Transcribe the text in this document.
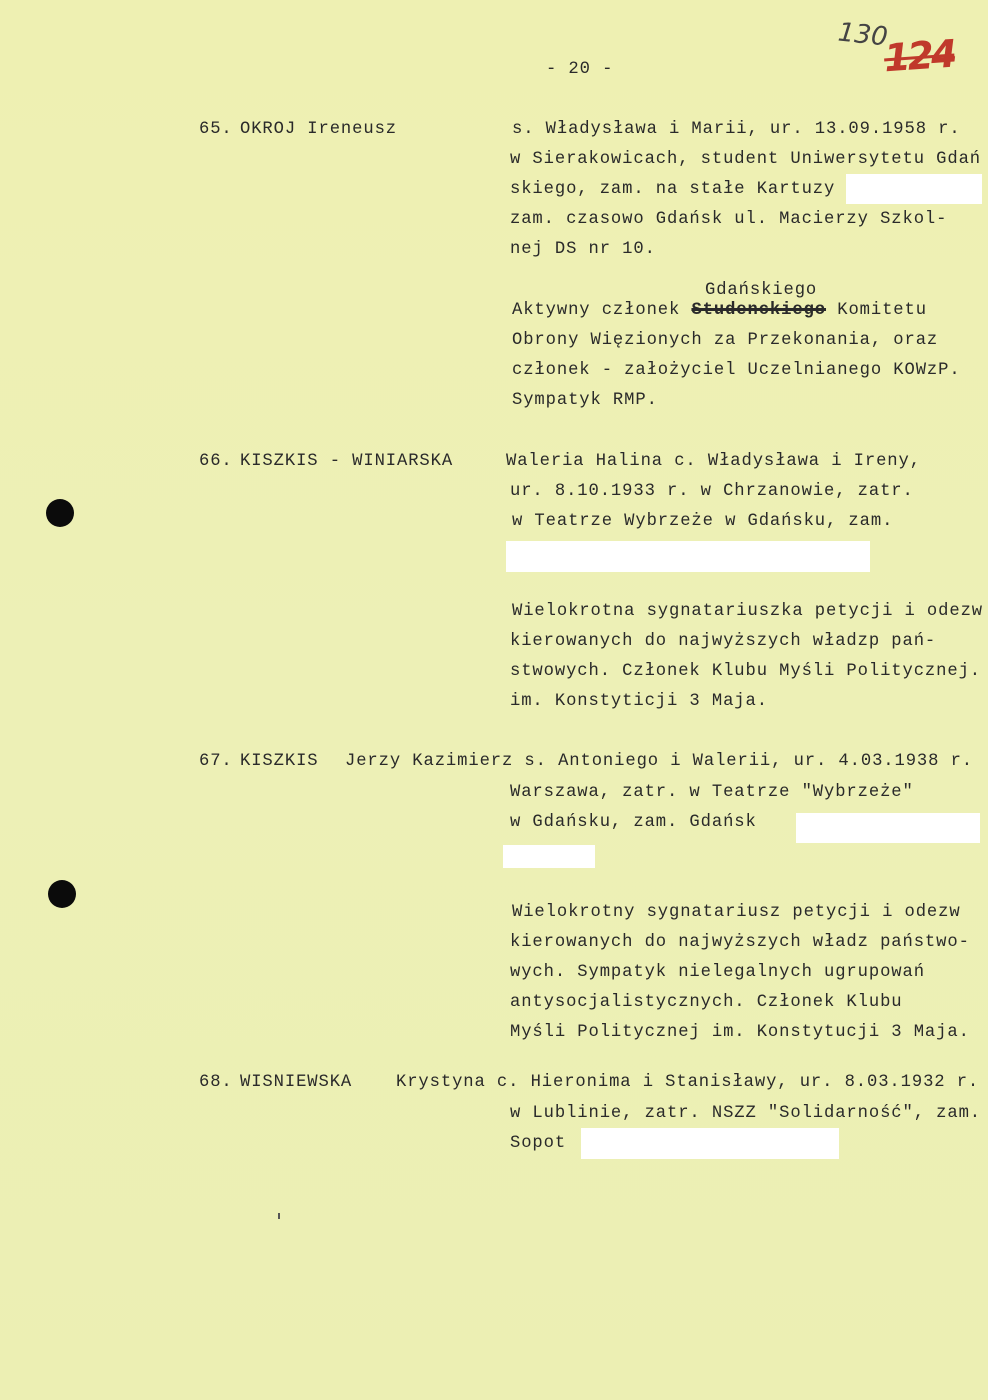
130
124
- 20 -
65. OKROJ Ireneusz	s. Władysława i Marii, ur. 13.09.1958 r.
w Sierakowicach, student Uniwersytetu Gdań
skiego, zam. na stałe Kartuzy
zam. czasowo Gdańsk ul. Macierzy Szkol-
nej DS nr 10.
Gdańskiego
Aktywny członek Studenckiego Komitetu
Obrony Więzionych za Przekonania, oraz
członek - założyciel Uczelnianego KOWzP.
Sympatyk RMP.
66. KISZKIS - WINIARSKA	Waleria Halina c. Władysława i Ireny,
ur. 8.10.1933 r. w Chrzanowie, zatr.
w Teatrze Wybrzeże w Gdańsku, zam.
Wielokrotna sygnatariuszka petycji i odezw
kierowanych do najwyższych władzp pań-
stwowych. Członek Klubu Myśli Politycznej.
im. Konstyticji 3 Maja.
67. KISZKIS Jerzy Kazimierz s. Antoniego i Walerii, ur. 4.03.1938 r.
Warszawa, zatr. w Teatrze "Wybrzeże"
w Gdańsku, zam. Gdańsk
Wielokrotny sygnatariusz petycji i odezw
kierowanych do najwyższych władz państwo-
wych. Sympatyk nielegalnych ugrupowań
antysocjalistycznych. Członek Klubu
Myśli Politycznej im. Konstytucji 3 Maja.
68. WISNIEWSKA	Krystyna c. Hieronima i Stanisławy, ur. 8.03.1932 r.
w Lublinie, zatr. NSZZ "Solidarność", zam.
Sopot
